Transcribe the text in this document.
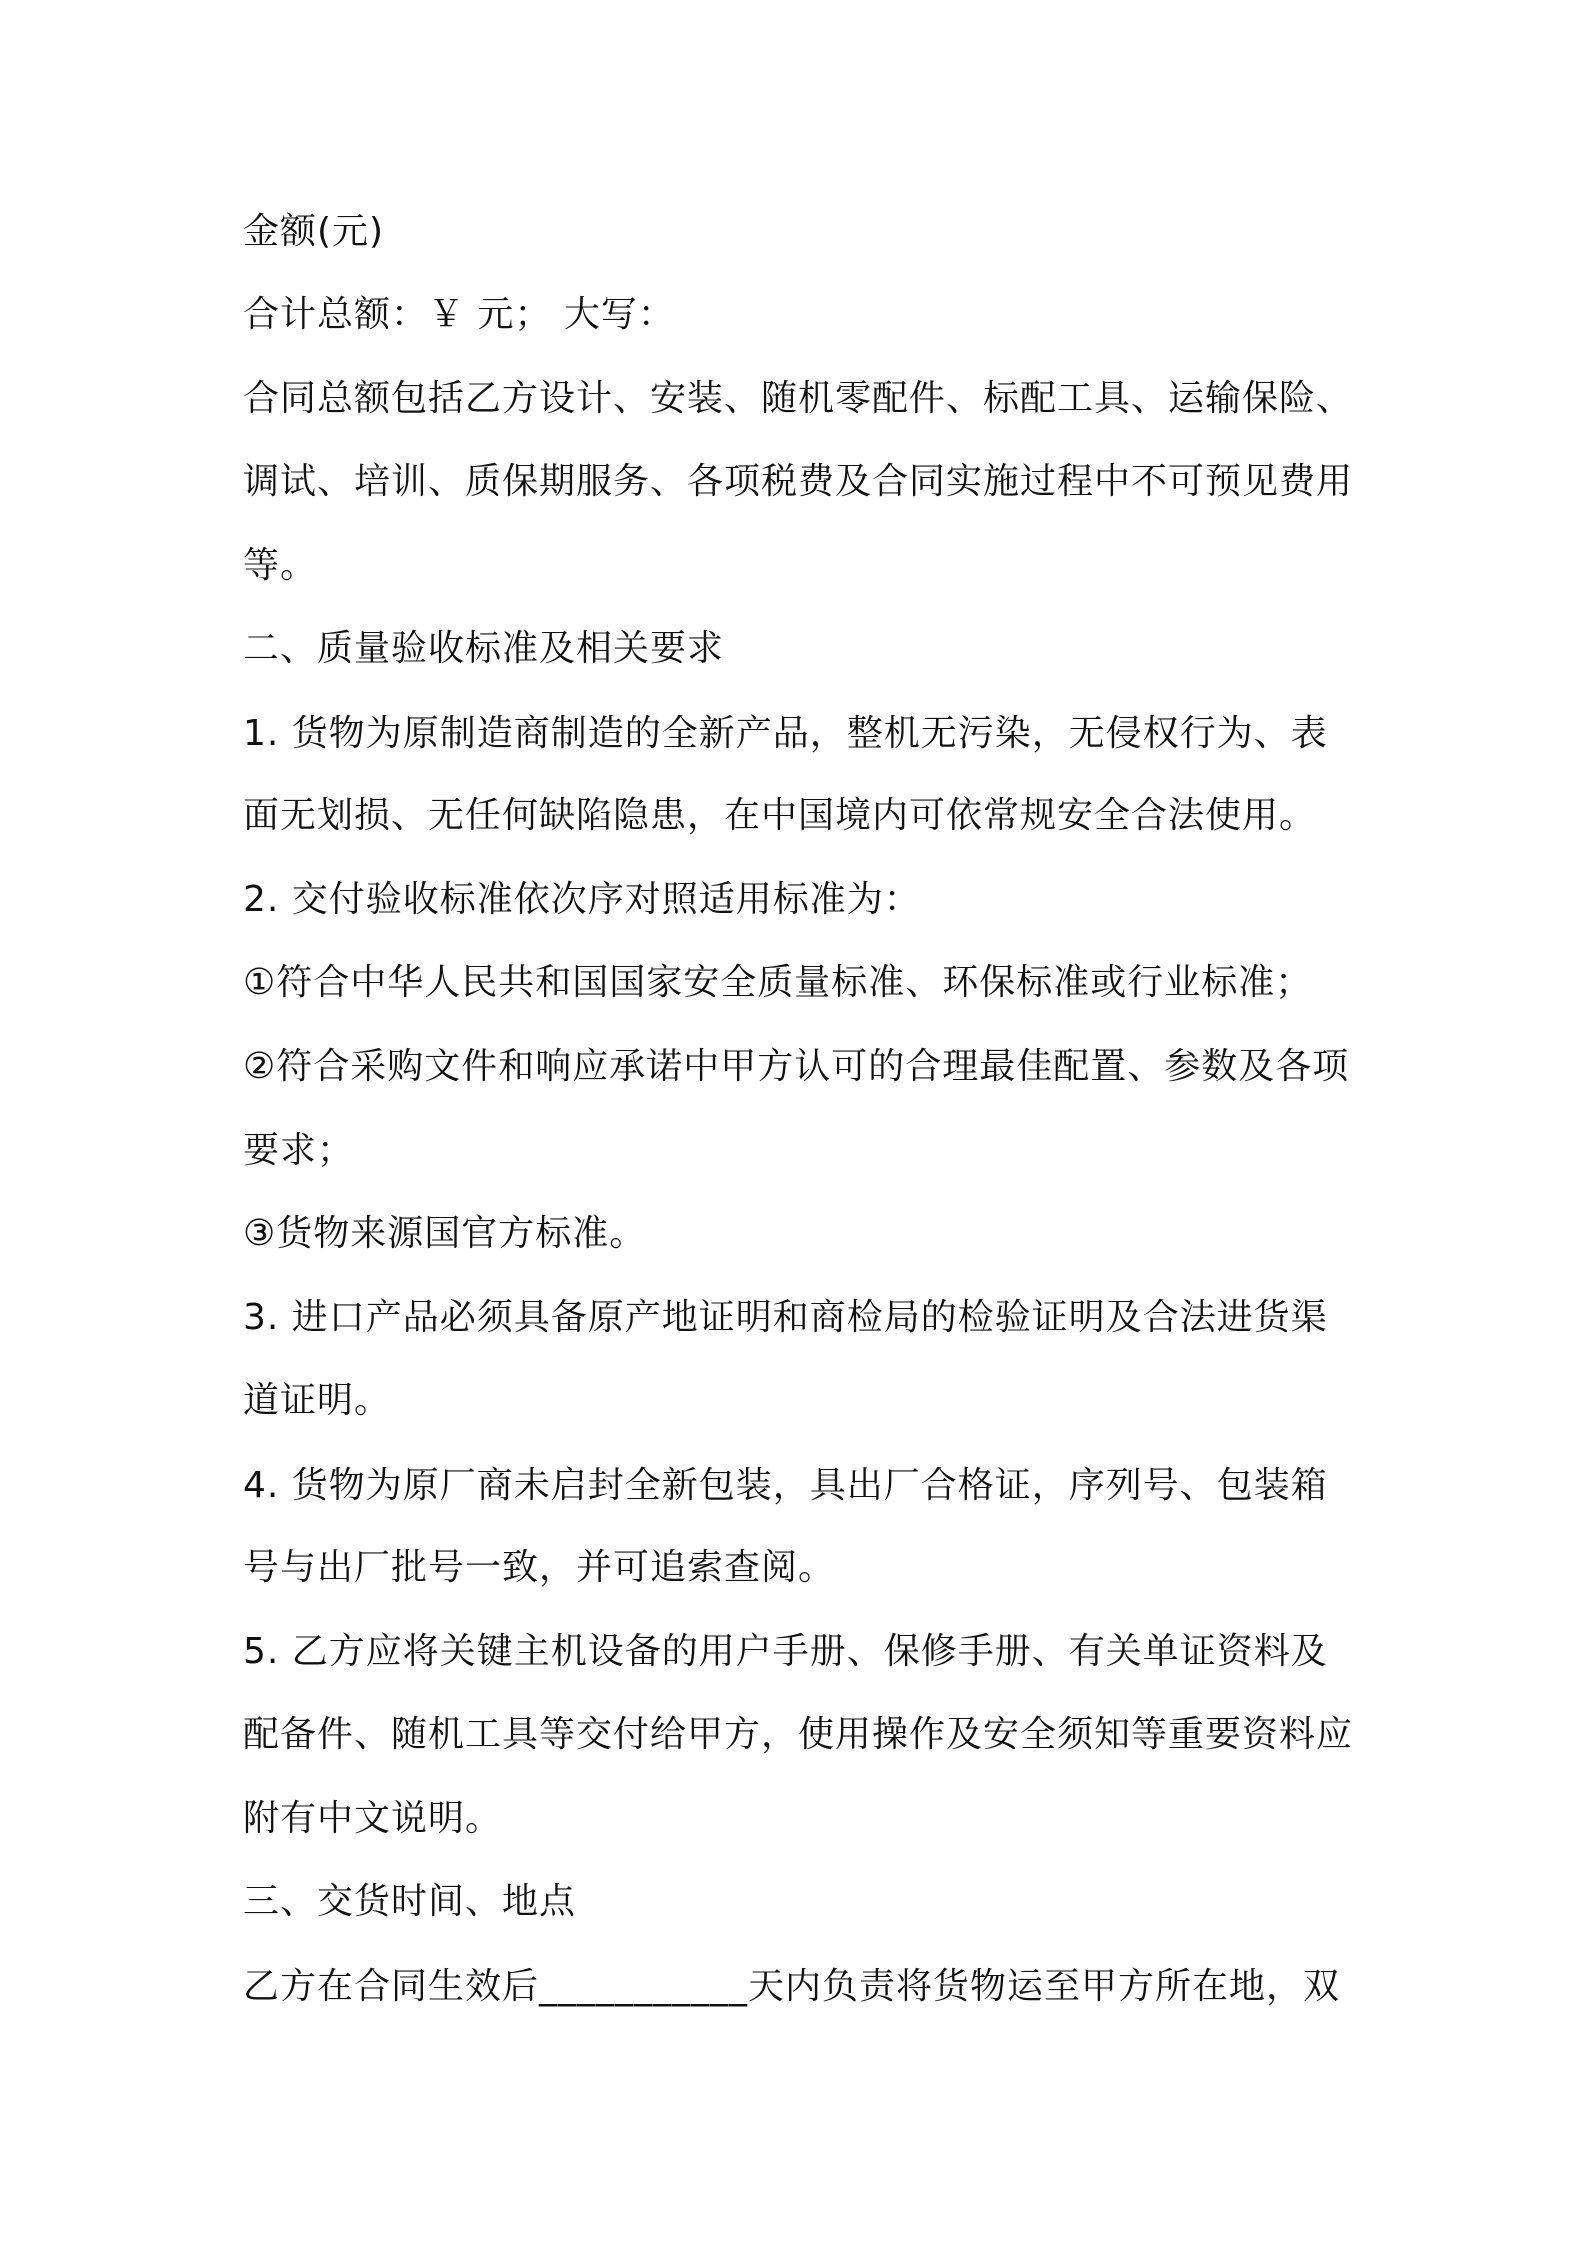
金额(元)
合计总额：￥ 元； 大写：
合同总额包括乙方设计、安装、随机零配件、标配工具、运输保险、
调试、培训、质保期服务、各项税费及合同实施过程中不可预见费用
等。
二、质量验收标准及相关要求
1. 货物为原制造商制造的全新产品，整机无污染，无侵权行为、表
面无划损、无任何缺陷隐患，在中国境内可依常规安全合法使用。
2. 交付验收标准依次序对照适用标准为：
①符合中华人民共和国国家安全质量标准、环保标准或行业标准；
②符合采购文件和响应承诺中甲方认可的合理最佳配置、参数及各项
要求；
③货物来源国官方标准。
3. 进口产品必须具备原产地证明和商检局的检验证明及合法进货渠
道证明。
4. 货物为原厂商未启封全新包装，具出厂合格证，序列号、包装箱
号与出厂批号一致，并可追索查阅。
5. 乙方应将关键主机设备的用户手册、保修手册、有关单证资料及
配备件、随机工具等交付给甲方，使用操作及安全须知等重要资料应
附有中文说明。
三、交货时间、地点
乙方在合同生效后___________天内负责将货物运至甲方所在地，双
